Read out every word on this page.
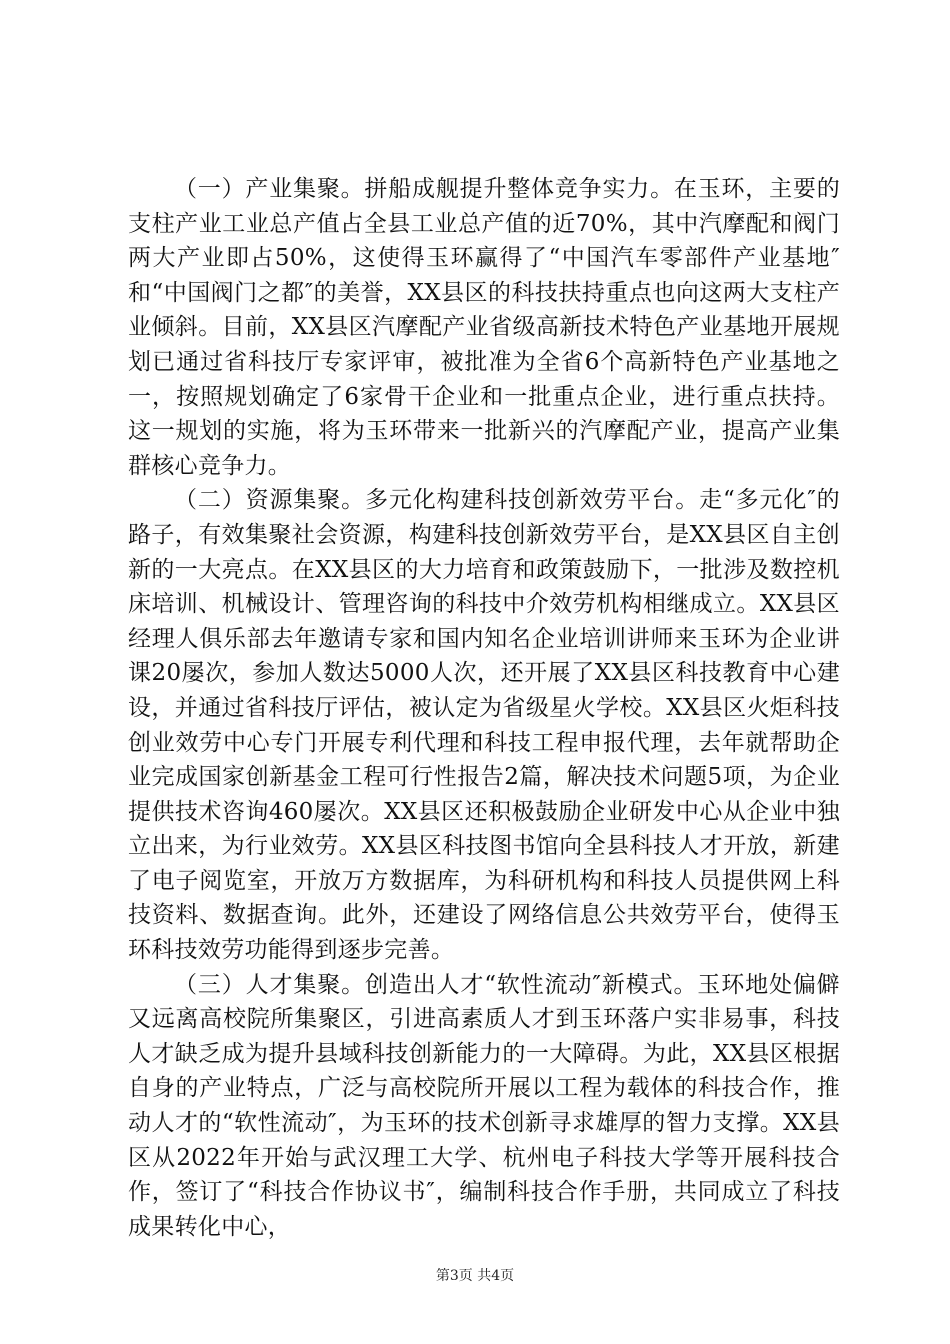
（一）产业集聚。拼船成舰提升整体竞争实力。在玉环，主要的支柱产业工业总产值占全县工业总产值的近70%，其中汽摩配和阀门两大产业即占50%，这使得玉环赢得了“中国汽车零部件产业基地″和“中国阀门之都″的美誉，XX县区的科技扶持重点也向这两大支柱产业倾斜。目前，XX县区汽摩配产业省级高新技术特色产业基地开展规划已通过省科技厅专家评审，被批准为全省6个高新特色产业基地之一，按照规划确定了6家骨干企业和一批重点企业，进行重点扶持。这一规划的实施，将为玉环带来一批新兴的汽摩配产业，提高产业集群核心竞争力。

（二）资源集聚。多元化构建科技创新效劳平台。走“多元化″的路子，有效集聚社会资源，构建科技创新效劳平台，是XX县区自主创新的一大亮点。在XX县区的大力培育和政策鼓励下，一批涉及数控机床培训、机械设计、管理咨询的科技中介效劳机构相继成立。XX县区经理人俱乐部去年邀请专家和国内知名企业培训讲师来玉环为企业讲课20屡次，参加人数达5000人次，还开展了XX县区科技教育中心建设，并通过省科技厅评估，被认定为省级星火学校。XX县区火炬科技创业效劳中心专门开展专利代理和科技工程申报代理，去年就帮助企业完成国家创新基金工程可行性报告2篇，解决技术问题5项，为企业提供技术咨询460屡次。XX县区还积极鼓励企业研发中心从企业中独立出来，为行业效劳。XX县区科技图书馆向全县科技人才开放，新建了电子阅览室，开放万方数据库，为科研机构和科技人员提供网上科技资料、数据查询。此外，还建设了网络信息公共效劳平台，使得玉环科技效劳功能得到逐步完善。

（三）人才集聚。创造出人才“软性流动″新模式。玉环地处偏僻又远离高校院所集聚区，引进高素质人才到玉环落户实非易事，科技人才缺乏成为提升县域科技创新能力的一大障碍。为此，XX县区根据自身的产业特点，广泛与高校院所开展以工程为载体的科技合作，推动人才的“软性流动″，为玉环的技术创新寻求雄厚的智力支撑。XX县区从2022年开始与武汉理工大学、杭州电子科技大学等开展科技合作，签订了“科技合作协议书″，编制科技合作手册，共同成立了科技成果转化中心，

第3页 共4页
